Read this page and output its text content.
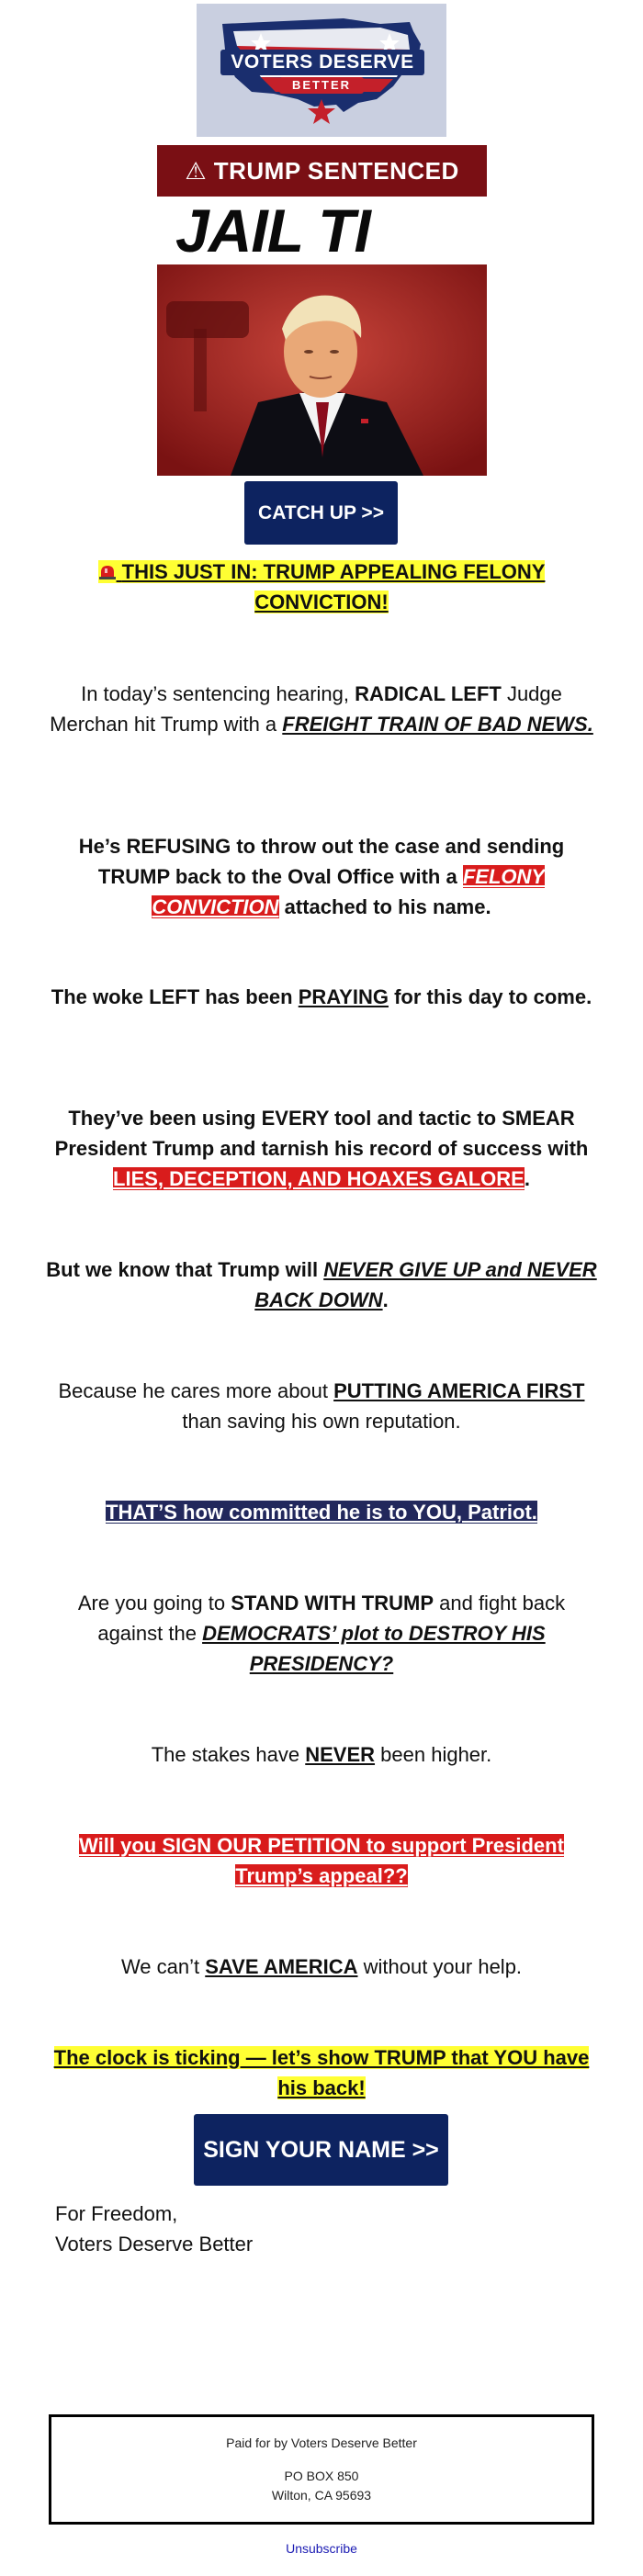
VOTERS DESERVE
BETTER
⚠ TRUMP SENTENCED
JAIL TI
CATCH UP >>
THIS JUST IN: TRUMP APPEALING FELONY CONVICTION!
In today’s sentencing hearing, RADICAL LEFT Judge Merchan hit Trump with a FREIGHT TRAIN OF BAD NEWS.
He’s REFUSING to throw out the case and sending TRUMP back to the Oval Office with a FELONY CONVICTION attached to his name.
The woke LEFT has been PRAYING for this day to come.
They’ve been using EVERY tool and tactic to SMEAR President Trump and tarnish his record of success with LIES, DECEPTION, AND HOAXES GALORE.
But we know that Trump will NEVER GIVE UP and NEVER BACK DOWN.
Because he cares more about PUTTING AMERICA FIRST than saving his own reputation.
THAT’S how committed he is to YOU, Patriot.
Are you going to STAND WITH TRUMP and fight back against the DEMOCRATS’ plot to DESTROY HIS PRESIDENCY?
The stakes have NEVER been higher.
Will you SIGN OUR PETITION to support President Trump’s appeal??
We can’t SAVE AMERICA without your help.
The clock is ticking — let’s show TRUMP that YOU have his back!
SIGN YOUR NAME >>
For Freedom,
Voters Deserve Better
Paid for by Voters Deserve Better
PO BOX 850
Wilton, CA 95693
Unsubscribe
